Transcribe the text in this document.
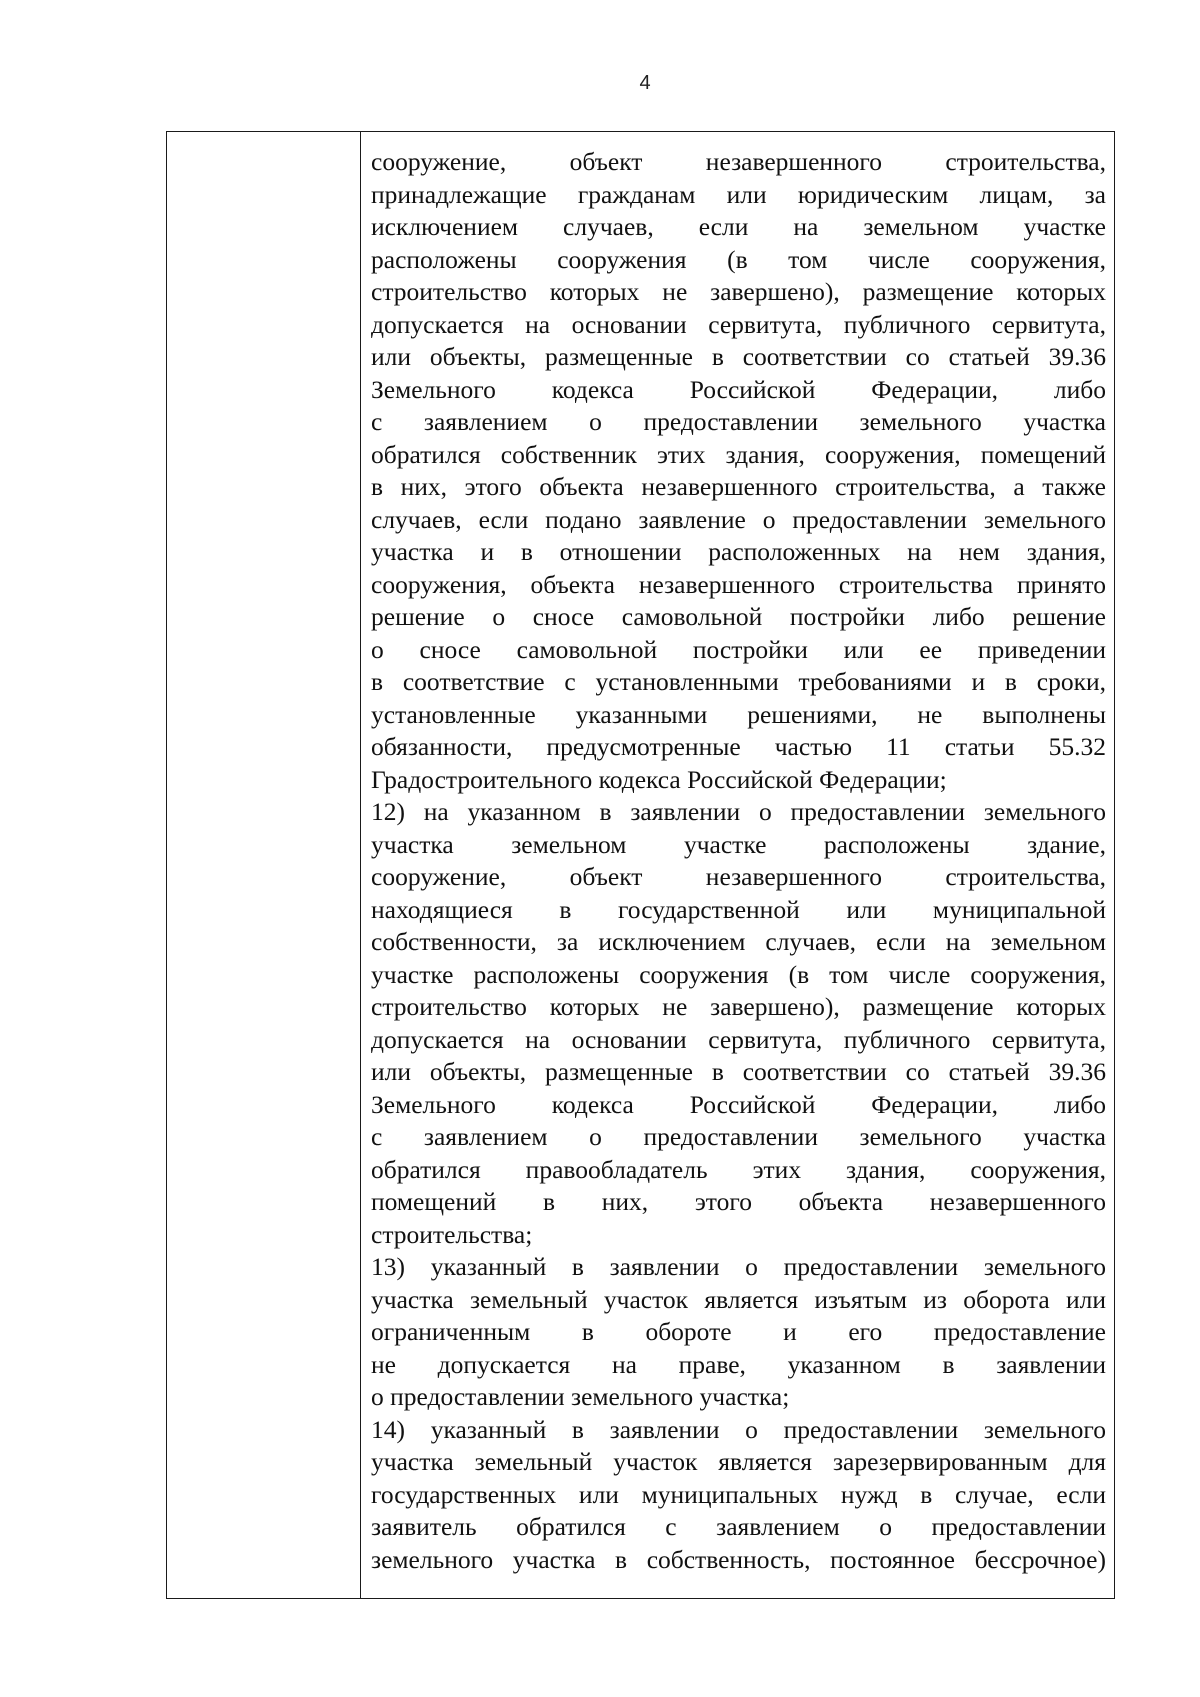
4
сооружение, объект незавершенного строительства,
принадлежащие гражданам или юридическим лицам, за
исключением случаев, если на земельном участке
расположены сооружения (в том числе сооружения,
строительство которых не завершено), размещение которых
допускается на основании сервитута, публичного сервитута,
или объекты, размещенные в соответствии со статьей 39.36
Земельного кодекса Российской Федерации, либо
с заявлением о предоставлении земельного участка
обратился собственник этих здания, сооружения, помещений
в них, этого объекта незавершенного строительства, а также
случаев, если подано заявление о предоставлении земельного
участка и в отношении расположенных на нем здания,
сооружения, объекта незавершенного строительства принято
решение о сносе самовольной постройки либо решение
о сносе самовольной постройки или ее приведении
в соответствие с установленными требованиями и в сроки,
установленные указанными решениями, не выполнены
обязанности, предусмотренные частью 11 статьи 55.32
Градостроительного кодекса Российской Федерации;
12) на указанном в заявлении о предоставлении земельного
участка земельном участке расположены здание,
сооружение, объект незавершенного строительства,
находящиеся в государственной или муниципальной
собственности, за исключением случаев, если на земельном
участке расположены сооружения (в том числе сооружения,
строительство которых не завершено), размещение которых
допускается на основании сервитута, публичного сервитута,
или объекты, размещенные в соответствии со статьей 39.36
Земельного кодекса Российской Федерации, либо
с заявлением о предоставлении земельного участка
обратился правообладатель этих здания, сооружения,
помещений в них, этого объекта незавершенного
строительства;
13) указанный в заявлении о предоставлении земельного
участка земельный участок является изъятым из оборота или
ограниченным в обороте и его предоставление
не допускается на праве, указанном в заявлении
о предоставлении земельного участка;
14) указанный в заявлении о предоставлении земельного
участка земельный участок является зарезервированным для
государственных или муниципальных нужд в случае, если
заявитель обратился с заявлением о предоставлении
земельного участка в собственность, постоянное бессрочное)
